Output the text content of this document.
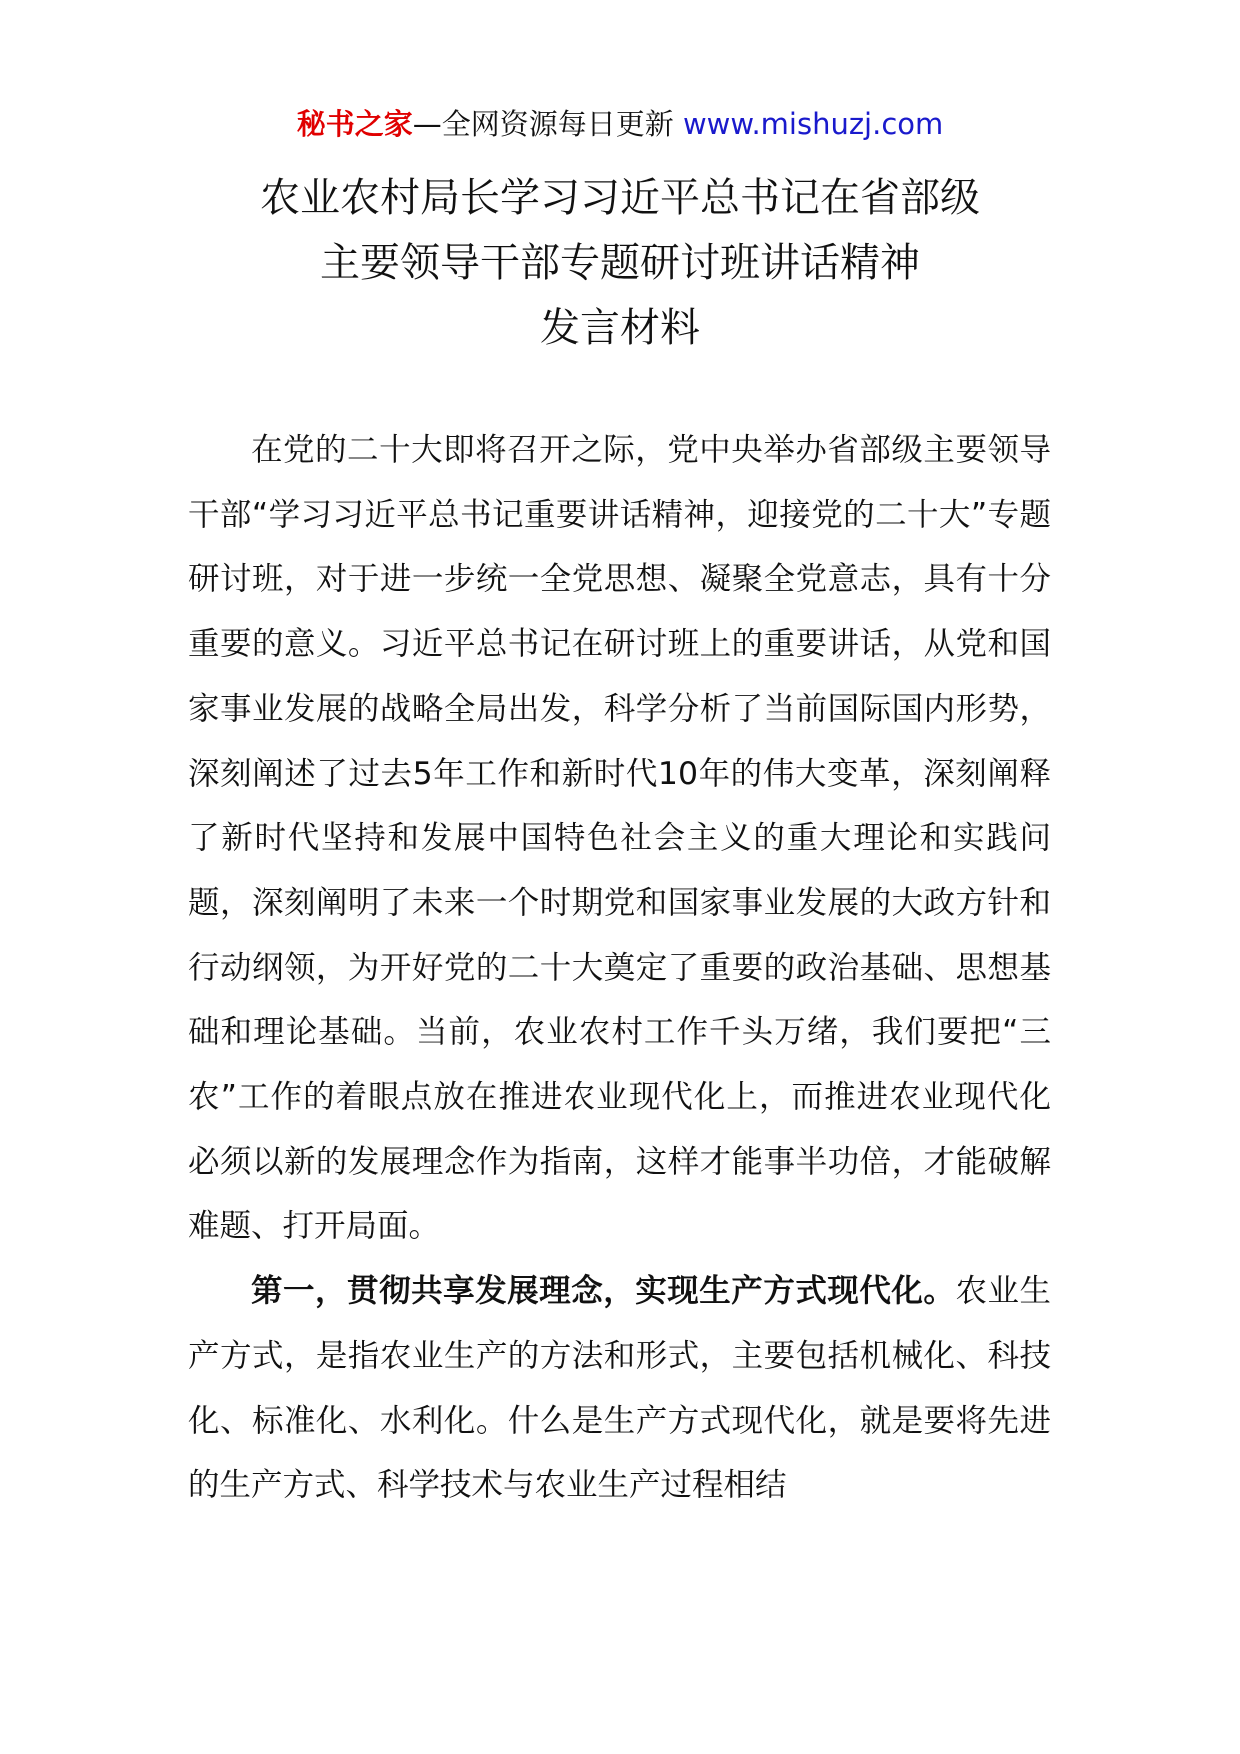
秘书之家—全网资源每日更新 www.mishuzj.com
农业农村局长学习习近平总书记在省部级
主要领导干部专题研讨班讲话精神
发言材料

在党的二十大即将召开之际，党中央举办省部级主要领导干部“学习习近平总书记重要讲话精神，迎接党的二十大”专题研讨班，对于进一步统一全党思想、凝聚全党意志，具有十分重要的意义。习近平总书记在研讨班上的重要讲话，从党和国家事业发展的战略全局出发，科学分析了当前国际国内形势，深刻阐述了过去5年工作和新时代10年的伟大变革，深刻阐释了新时代坚持和发展中国特色社会主义的重大理论和实践问题，深刻阐明了未来一个时期党和国家事业发展的大政方针和行动纲领，为开好党的二十大奠定了重要的政治基础、思想基础和理论基础。当前，农业农村工作千头万绪，我们要把“三农”工作的着眼点放在推进农业现代化上，而推进农业现代化必须以新的发展理念作为指南，这样才能事半功倍，才能破解难题、打开局面。

第一，贯彻共享发展理念，实现生产方式现代化。农业生产方式，是指农业生产的方法和形式，主要包括机械化、科技化、标准化、水利化。什么是生产方式现代化，就是要将先进的生产方式、科学技术与农业生产过程相结
